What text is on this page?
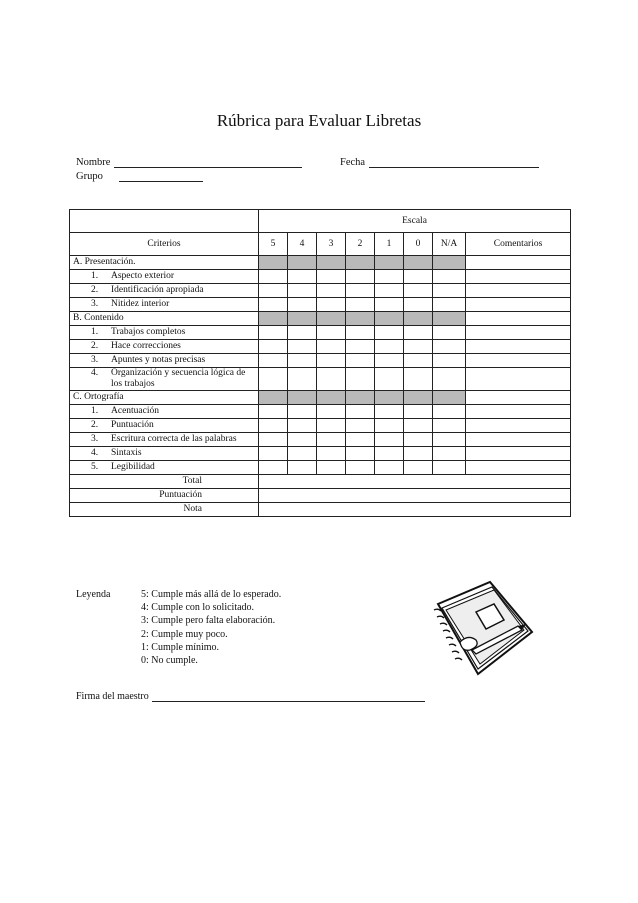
Rúbrica para Evaluar Libretas
Nombre	Fecha
Grupo
	Escala							
Criterios	5	4	3	2	1	0	N/A	Comentarios
A. Presentación.								

1. Aspecto exterior								

2. Identificación apropiada								

3. Nitidez interior								

B. Contenido								

1. Trabajos completos								

2. Hace correcciones								

3. Apuntes y notas precisas								

4. Organización y secuencia lógica de los trabajos								

C. Ortografía								

1. Acentuación								

2. Puntuación								

3. Escritura correcta de las palabras								

4. Sintaxis								

5. Legibilidad								

Total								
Puntuación								
Nota								
Leyenda	5: Cumple más allá de lo esperado.
4: Cumple con lo solicitado.
3: Cumple pero falta elaboración.
2: Cumple muy poco.
1: Cumple mínimo.
0: No cumple.
Firma del maestro
